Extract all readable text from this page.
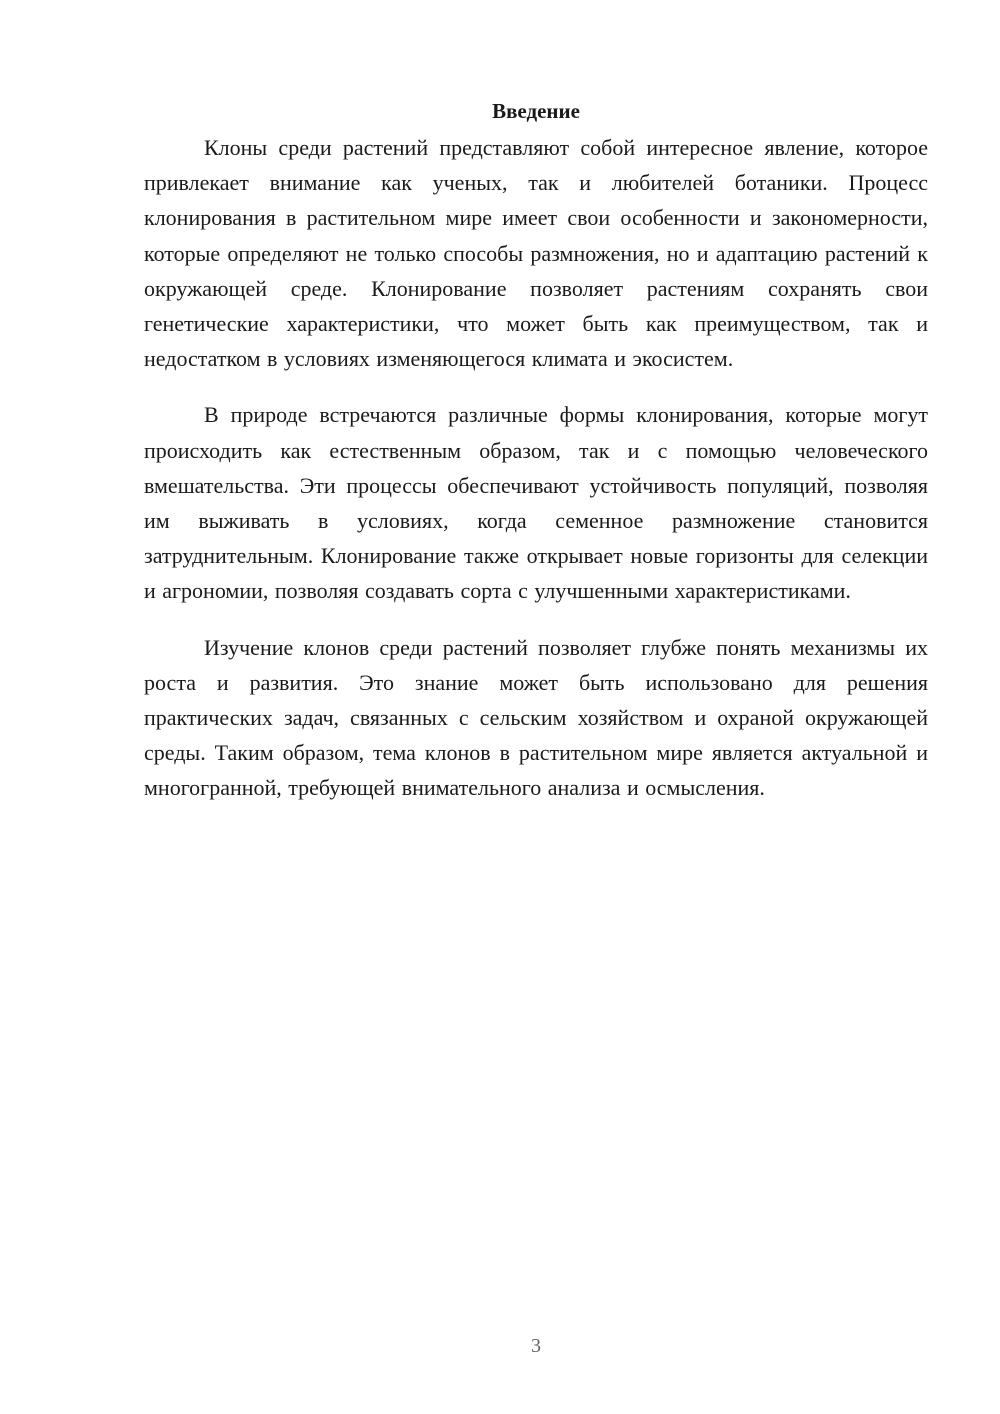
Введение

Клоны среди растений представляют собой интересное явление, которое привлекает внимание как ученых, так и любителей ботаники. Процесс клонирования в растительном мире имеет свои особенности и закономерности, которые определяют не только способы размножения, но и адаптацию растений к окружающей среде. Клонирование позволяет растениям сохранять свои генетические характеристики, что может быть как преимуществом, так и недостатком в условиях изменяющегося климата и экосистем.

В природе встречаются различные формы клонирования, которые могут происходить как естественным образом, так и с помощью человеческого вмешательства. Эти процессы обеспечивают устойчивость популяций, позволяя им выживать в условиях, когда семенное размножение становится затруднительным. Клонирование также открывает новые горизонты для селекции и агрономии, позволяя создавать сорта с улучшенными характеристиками.

Изучение клонов среди растений позволяет глубже понять механизмы их роста и развития. Это знание может быть использовано для решения практических задач, связанных с сельским хозяйством и охраной окружающей среды. Таким образом, тема клонов в растительном мире является актуальной и многогранной, требующей внимательного анализа и осмысления.

3
